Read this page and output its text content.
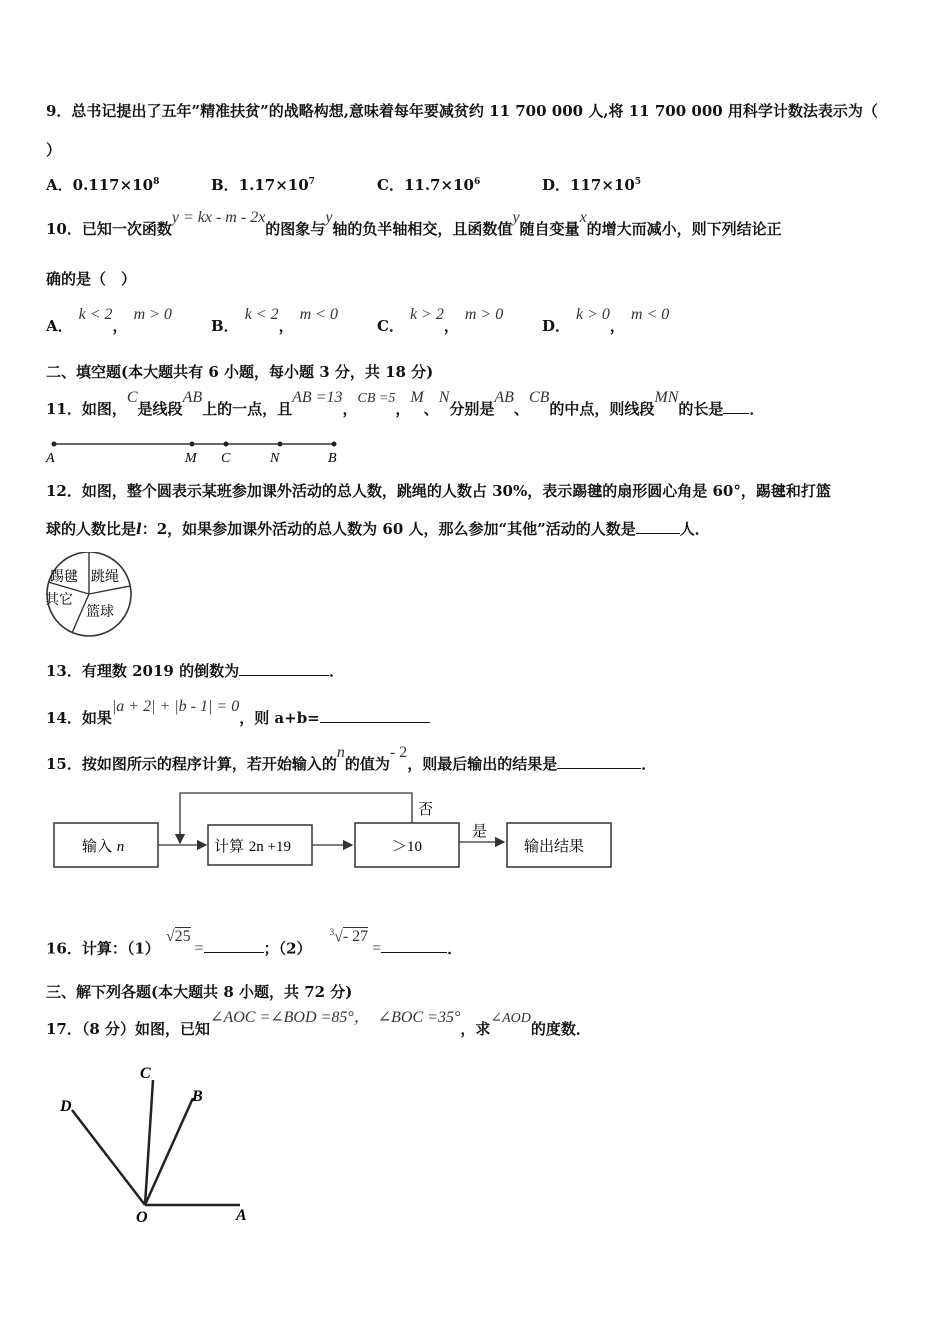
9．总书记提出了五年”精准扶贫”的战略构想,意味着每年要减贫约 11 700 000 人,将 11 700 000 用科学计数法表示为（
）
A．$0.117\times 10^8$	B．$1.17\times 10^7$	C．$11.7\times 10^6$	D．$117\times 10^5$
10．已知一次函数y = kx - m - 2x的图象与y轴的负半轴相交，且函数值y随自变量x的增大而减小，则下列结论正
确的是（　）
A．k < 2，m > 0
B．k < 2，m < 0
C．k > 2，m > 0
D．k > 0，m < 0
二、填空题(本大题共有 6 小题，每小题 3 分，共 18 分)
11．如图，C是线段AB上的一点，且AB =13，CB =5，M、N分别是AB、CB的中点，则线段MN的长是 ．
A	M C	N	B
12．如图，整个圆表示某班参加课外活动的总人数，跳绳的人数占 30%，表示踢毽的扇形圆心角是 60°，踢毽和打篮
球的人数比是l：2，如果参加课外活动的总人数为 60 人，那么参加“其他”活动的人数是	人．
踢毽 跳绳
其它
篮球
13．有理数 2019 的倒数为	．
14．如果|a + 2| + |b - 1| = 0，则 a+b=
15．按如图所示的程序计算，若开始输入的n的值为- 2，则最后输出的结果是	．
输入 n	计算 2n +19	＞10
是
输出结果
否
16．计算：（1）√25=	；$(2)^3√-$ 27=	．
三、解下列各题(本大题共 8 小题，共 72 分)
17．（8 分）如图，已知∠AOC =∠BOD =85°， ∠BOC =35°，求∠AOD的度数．
C
D
B
O	A
